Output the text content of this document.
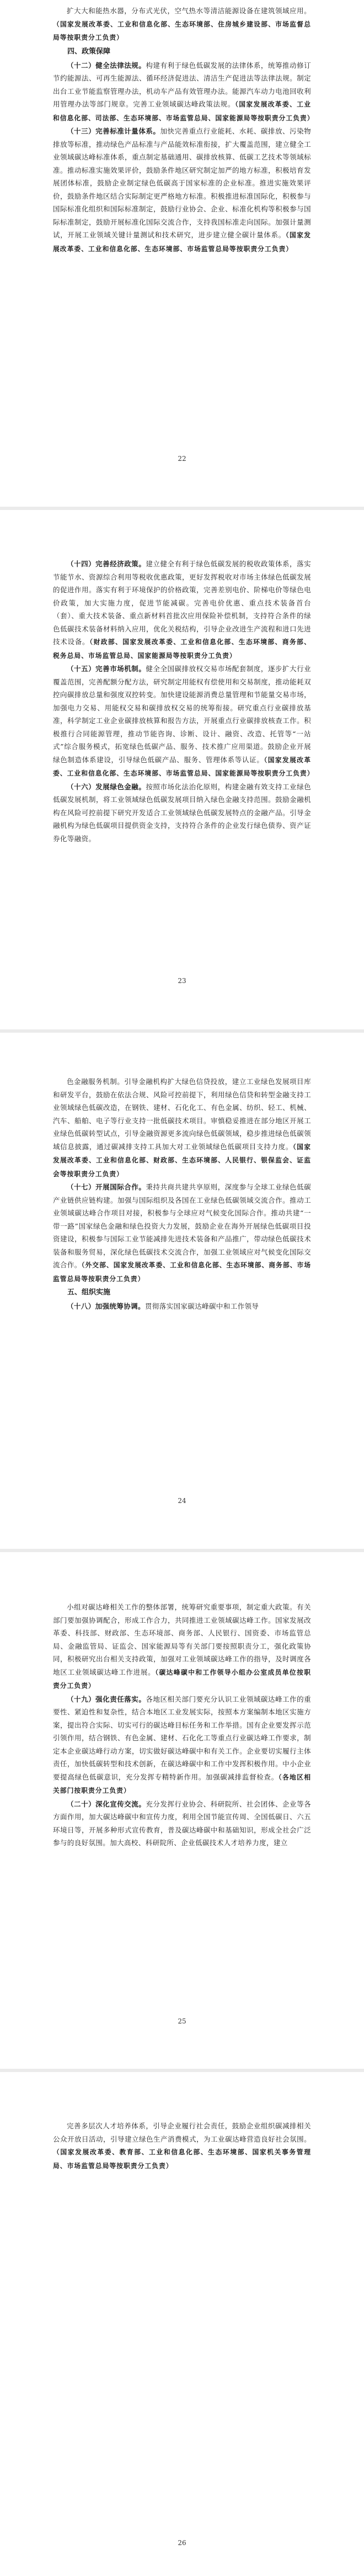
扩大大和能热水器，分布式光伏，空气热水等清洁能源设备在建筑领域应用。（国家发展改革委、工业和信息化部、生态环境部、住房城乡建设部、市场监督总局等按职责分工负责）

四、政策保障

（十二）健全法律法规。构建有利于绿色低碳发展的法律体系，统筹推动修订节约能源法、可再生能源法、循环经济促进法、清洁生产促进法等法律法规。制定出台工业节能监察管理办法，机动车产品有效管理办法。能源汽车动力电池回收利用管理办法等部门规章。完善工业领域碳达峰政策法规。（国家发展改革委、工业和信息化部、司法部、生态环境部、市场监管总局、国家能源局等按职责分工负责）

（十三）完善标准计量体系。加快完善重点行业能耗、水耗、碳排放、污染物排放等标准，推动绿色产品标准与产品能效标准衔接，扩大覆盖范围，建立健全工业领域碳达峰标准体系，重点制定基础通用、碳排放核算、低碳工艺技术等领域标准。推动标准实施效果评价，鼓励条件地区研究制定加严的地方标准，积极培育发展团体标准，鼓励企业制定绿色低碳高于国家标准的企业标准。推进实施效果评价，鼓励条件地区结合实际制定更严格地方标准。积极推进标准国际化，积极参与国际标准化组织和国际标准制定，鼓励行业协会、企业、标准化机构等积极参与国际标准制定，鼓励开展标准化国际交流合作，支持我国标准走向国际。加强计量测试，开展工业领域关键计量测试和技术研究，进步建立健全碳计量体系。（国家发展改革委、工业和信息化部、生态环境部、市场监管总局等按职责分工负责）

22

（十四）完善经济政策。建立健全有利于绿色低碳发展的税收政策体系，落实节能节水、资源综合利用等税收优惠政策，更好发挥税收对市场主体绿色低碳发展的促进作用。落实有利于环境保护的价格政策，完善差别电价、阶梯电价等绿色电价政策，加大实施力度，促进节能减碳。完善电价优惠、重点技术装备首台（套）、重大技术装备、重点新材料首批次应用保险补偿机制，支持符合条件的绿色低碳技术装备材料纳入应用，优化关税结构，引导企业改进生产流程和进口先进技术设备。（财政部、国家发展改革委、工业和信息化部、生态环境部、商务部、税务总局、市场监管总局、国家能源局等按职责分工负责）

（十五）完善市场机制。健全全国碳排放权交易市场配套制度，逐步扩大行业覆盖范围，完善配额分配方法，研究制定用能权有偿使用和交易制度，推动能耗双控向碳排放总量和强度双控转变。加快建设能源消费总量管理和节能量交易市场，加强电力交易、用能权交易和碳排放权交易的统筹衔接。研究重点行业碳排放基准，科学制定工业企业碳排放核算和报告方法，开展重点行业碳排放核查工作。积极推行合同能源管理，推动节能咨询、诊断、设计、融资、改造、托管等“一站式”综合服务模式，拓宽绿色低碳产品、服务、技术推广应用渠道。鼓励企业开展绿色制造体系建设，引导绿色低碳产品、服务、管理体系等认证。（国家发展改革委、工业和信息化部、生态环境部、市场监管总局、国家能源局等按职责分工负责）

（十六）发展绿色金融。按照市场化法治化原则，构建金融有效支持工业绿色低碳发展机制，将工业领域绿色低碳发展项目纳入绿色金融支持范围。鼓励金融机构在风险可控前提下研究开发适合工业领域绿色低碳发展特点的金融产品。引导金融机构为绿色低碳项目提供资金支持，支持符合条件的企业发行绿色债券、资产证券化等融资。

23

色金融服务机制。引导金融机构扩大绿色信贷投放，建立工业绿色发展项目库和研发平台，鼓励在依法合规、风险可控前提下，利用绿色信贷和转型金融支持工业领域绿色低碳改造，在钢铁、建材、石化化工、有色金属、纺织、轻工、机械、汽车、船舶、电子等行业支持一批低碳技术项目。审慎稳妥推进在部分地区开展工业绿色低碳转型试点，引导金融资源更多流向绿色低碳领域，稳步推进绿色低碳领域信息披露，通过碳减排支持工具加大对工业领域绿色低碳项目支持力度。（国家发展改革委、工业和信息化部、财政部、生态环境部、人民银行、银保监会、证监会等按职责分工负责）

（十七）开展国际合作。秉持共商共建共享原则，深度参与全球工业绿色低碳产业链供应链构建。加强与国际组织及各国在工业绿色低碳领域交流合作。推动工业领域碳达峰合作项目对接，积极参与全球应对气候变化国际合作。推动共建“一带一路”国家绿色金融和绿色投资大力发展，鼓励企业在海外开展绿色低碳项目投资建设，积极参与国际工业节能减排先进技术装备和产品推广，带动绿色低碳技术装备和服务贸易，深化绿色低碳技术交流合作，加强工业领域应对气候变化国际交流合作。（外交部、国家发展改革委、工业和信息化部、生态环境部、商务部、市场监管总局等按职责分工负责）

五、组织实施

（十八）加强统筹协调。贯彻落实国家碳达峰碳中和工作领导

24

小组对碳达峰相关工作的整体部署，统筹研究重要事项，制定重大政策。有关部门要加强协调配合，形成工作合力，共同推进工业领域碳达峰工作。国家发展改革委、科技部、财政部、生态环境部、商务部、人民银行、国资委、市场监管总局、金融监管局、证监会、国家能源局等有关部门要按照职责分工，强化政策协同，积极研究出台相关支持政策，加强对工业领域碳达峰工作的指导，及时调度各地区工业领域碳达峰工作进展。（碳达峰碳中和工作领导小组办公室成员单位按职责分工负责）

（十九）强化责任落实。各地区相关部门要充分认识工业领域碳达峰工作的重要性、紧迫性和复杂性，结合本地区工业发展实际，按照本方案编制本地区实施方案，提出符合实际、切实可行的碳达峰目标任务和工作举措。国有企业要发挥示范引领作用，结合钢铁、有色金属、建材、石化化工等重点行业碳达峰工作要求，制定本企业碳达峰行动方案，切实做好碳达峰碳中和有关工作。企业要切实履行主体责任，加快低碳转型和技术创新，在碳达峰碳中和工作中发挥积极作用。中小企业要提高绿色低碳意识，充分发挥专精特新作用。加强碳减排监督检查。（各地区相关部门按职责分工负责）

（二十）深化宣传交流。充分发挥行业协会、科研院所、社会团体、企业等各方面作用，加大碳达峰碳中和宣传力度，利用全国节能宣传周、全国低碳日、六五环境日等，开展多种形式宣传教育，普及碳达峰碳中和基础知识，形成全社会广泛参与的良好氛围。加大高校、科研院所、企业低碳技术人才培养力度，建立

25

完善多层次人才培养体系，引导企业履行社会责任，鼓励企业组织碳减排相关公众开放日活动，引导建立绿色生产消费模式，为工业碳达峰营造良好社会氛围。（国家发展改革委、教育部、工业和信息化部、生态环境部、国家机关事务管理局、市场监管总局等按职责分工负责）

26
